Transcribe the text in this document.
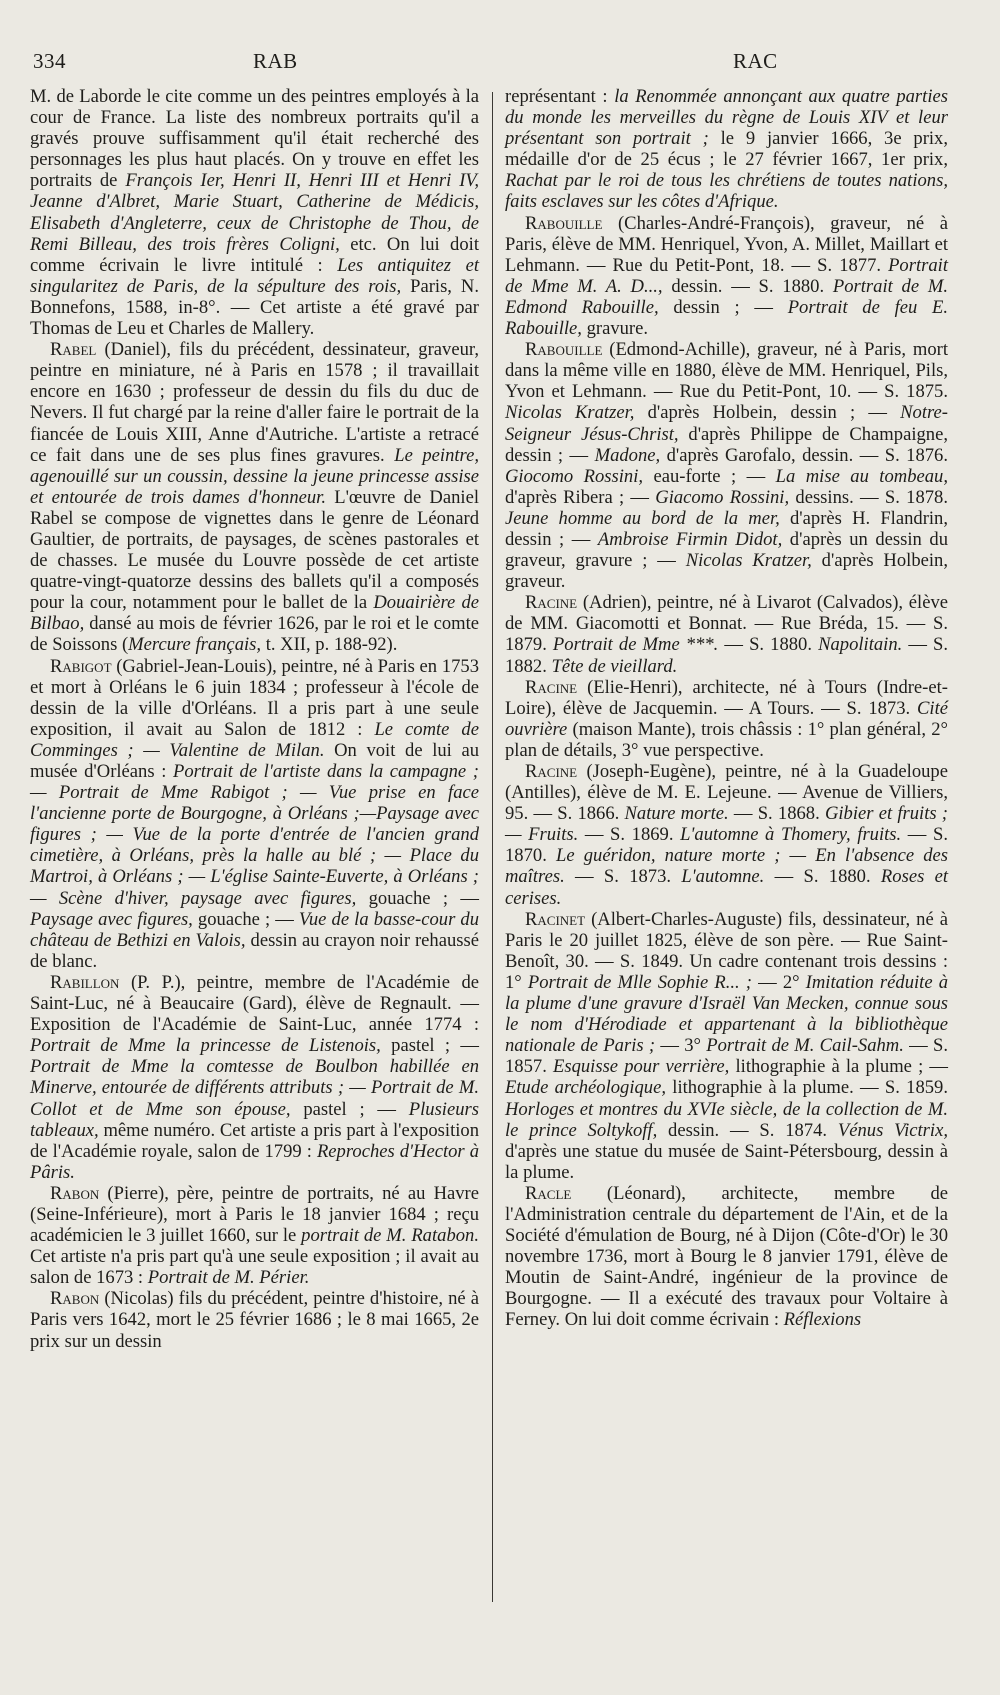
334	RAB	RAC

M. de Laborde le cite comme un des peintres employés à la cour de France. La liste des nombreux portraits qu'il a gravés prouve suffisamment qu'il était recherché des personnages les plus haut placés. On y trouve en effet les portraits de François Ier, Henri II, Henri III et Henri IV, Jeanne d'Albret, Marie Stuart, Catherine de Médicis, Elisabeth d'Angleterre, ceux de Christophe de Thou, de Remi Billeau, des trois frères Coligni, etc. On lui doit comme écrivain le livre intitulé : Les antiquitez et singularitez de Paris, de la sépulture des rois, Paris, N. Bonnefons, 1588, in-8°. — Cet artiste a été gravé par Thomas de Leu et Charles de Mallery.

Rabel (Daniel), fils du précédent, dessinateur, graveur, peintre en miniature, né à Paris en 1578 ; il travaillait encore en 1630 ; professeur de dessin du fils du duc de Nevers. Il fut chargé par la reine d'aller faire le portrait de la fiancée de Louis XIII, Anne d'Autriche. L'artiste a retracé ce fait dans une de ses plus fines gravures. Le peintre, agenouillé sur un coussin, dessine la jeune princesse assise et entourée de trois dames d'honneur. L'œuvre de Daniel Rabel se compose de vignettes dans le genre de Léonard Gaultier, de portraits, de paysages, de scènes pastorales et de chasses. Le musée du Louvre possède de cet artiste quatre-vingt-quatorze dessins des ballets qu'il a composés pour la cour, notamment pour le ballet de la Douairière de Bilbao, dansé au mois de février 1626, par le roi et le comte de Soissons (Mercure français, t. XII, p. 188-92).

Rabigot (Gabriel-Jean-Louis), peintre, né à Paris en 1753 et mort à Orléans le 6 juin 1834 ; professeur à l'école de dessin de la ville d'Orléans. Il a pris part à une seule exposition, il avait au Salon de 1812 : Le comte de Comminges ; — Valentine de Milan. On voit de lui au musée d'Orléans : Portrait de l'artiste dans la campagne ; — Portrait de Mme Rabigot ; — Vue prise en face l'ancienne porte de Bourgogne, à Orléans ;—Paysage avec figures ; — Vue de la porte d'entrée de l'ancien grand cimetière, à Orléans, près la halle au blé ; — Place du Martroi, à Orléans ; — L'église Sainte-Euverte, à Orléans ; — Scène d'hiver, paysage avec figures, gouache ; — Paysage avec figures, gouache ; — Vue de la basse-cour du château de Bethizi en Valois, dessin au crayon noir rehaussé de blanc.

Rabillon (P. P.), peintre, membre de l'Académie de Saint-Luc, né à Beaucaire (Gard), élève de Regnault. — Exposition de l'Académie de Saint-Luc, année 1774 : Portrait de Mme la princesse de Listenois, pastel ; — Portrait de Mme la comtesse de Boulbon habillée en Minerve, entourée de différents attributs ; — Portrait de M. Collot et de Mme son épouse, pastel ; — Plusieurs tableaux, même numéro. Cet artiste a pris part à l'exposition de l'Académie royale, salon de 1799 : Reproches d'Hector à Pâris.

Rabon (Pierre), père, peintre de portraits, né au Havre (Seine-Inférieure), mort à Paris le 18 janvier 1684 ; reçu académicien le 3 juillet 1660, sur le portrait de M. Ratabon. Cet artiste n'a pris part qu'à une seule exposition ; il avait au salon de 1673 : Portrait de M. Périer.

Rabon (Nicolas) fils du précédent, peintre d'histoire, né à Paris vers 1642, mort le 25 février 1686 ; le 8 mai 1665, 2e prix sur un dessin

représentant : la Renommée annonçant aux quatre parties du monde les merveilles du règne de Louis XIV et leur présentant son portrait ; le 9 janvier 1666, 3e prix, médaille d'or de 25 écus ; le 27 février 1667, 1er prix, Rachat par le roi de tous les chrétiens de toutes nations, faits esclaves sur les côtes d'Afrique.

Rabouille (Charles-André-François), graveur, né à Paris, élève de MM. Henriquel, Yvon, A. Millet, Maillart et Lehmann. — Rue du Petit-Pont, 18. — S. 1877. Portrait de Mme M. A. D..., dessin. — S. 1880. Portrait de M. Edmond Rabouille, dessin ; — Portrait de feu E. Rabouille, gravure.

Rabouille (Edmond-Achille), graveur, né à Paris, mort dans la même ville en 1880, élève de MM. Henriquel, Pils, Yvon et Lehmann. — Rue du Petit-Pont, 10. — S. 1875. Nicolas Kratzer, d'après Holbein, dessin ; — Notre-Seigneur Jésus-Christ, d'après Philippe de Champaigne, dessin ; — Madone, d'après Garofalo, dessin. — S. 1876. Giocomo Rossini, eau-forte ; — La mise au tombeau, d'après Ribera ; — Giacomo Rossini, dessins. — S. 1878. Jeune homme au bord de la mer, d'après H. Flandrin, dessin ; — Ambroise Firmin Didot, d'après un dessin du graveur, gravure ; — Nicolas Kratzer, d'après Holbein, graveur.

Racine (Adrien), peintre, né à Livarot (Calvados), élève de MM. Giacomotti et Bonnat. — Rue Bréda, 15. — S. 1879. Portrait de Mme ***. — S. 1880. Napolitain. — S. 1882. Tête de vieillard.

Racine (Elie-Henri), architecte, né à Tours (Indre-et-Loire), élève de Jacquemin. — A Tours. — S. 1873. Cité ouvrière (maison Mante), trois châssis : 1° plan général, 2° plan de détails, 3° vue perspective.

Racine (Joseph-Eugène), peintre, né à la Guadeloupe (Antilles), élève de M. E. Lejeune. — Avenue de Villiers, 95. — S. 1866. Nature morte. — S. 1868. Gibier et fruits ; — Fruits. — S. 1869. L'automne à Thomery, fruits. — S. 1870. Le guéridon, nature morte ; — En l'absence des maîtres. — S. 1873. L'automne. — S. 1880. Roses et cerises.

Racinet (Albert-Charles-Auguste) fils, dessinateur, né à Paris le 20 juillet 1825, élève de son père. — Rue Saint-Benoît, 30. — S. 1849. Un cadre contenant trois dessins : 1° Portrait de Mlle Sophie R... ; — 2° Imitation réduite à la plume d'une gravure d'Israël Van Mecken, connue sous le nom d'Hérodiade et appartenant à la bibliothèque nationale de Paris ; — 3° Portrait de M. Cail-Sahm. — S. 1857. Esquisse pour verrière, lithographie à la plume ; — Etude archéologique, lithographie à la plume. — S. 1859. Horloges et montres du XVIe siècle, de la collection de M. le prince Soltykoff, dessin. — S. 1874. Vénus Victrix, d'après une statue du musée de Saint-Pétersbourg, dessin à la plume.

Racle (Léonard), architecte, membre de l'Administration centrale du département de l'Ain, et de la Société d'émulation de Bourg, né à Dijon (Côte-d'Or) le 30 novembre 1736, mort à Bourg le 8 janvier 1791, élève de Moutin de Saint-André, ingénieur de la province de Bourgogne. — Il a exécuté des travaux pour Voltaire à Ferney. On lui doit comme écrivain : Réflexions
